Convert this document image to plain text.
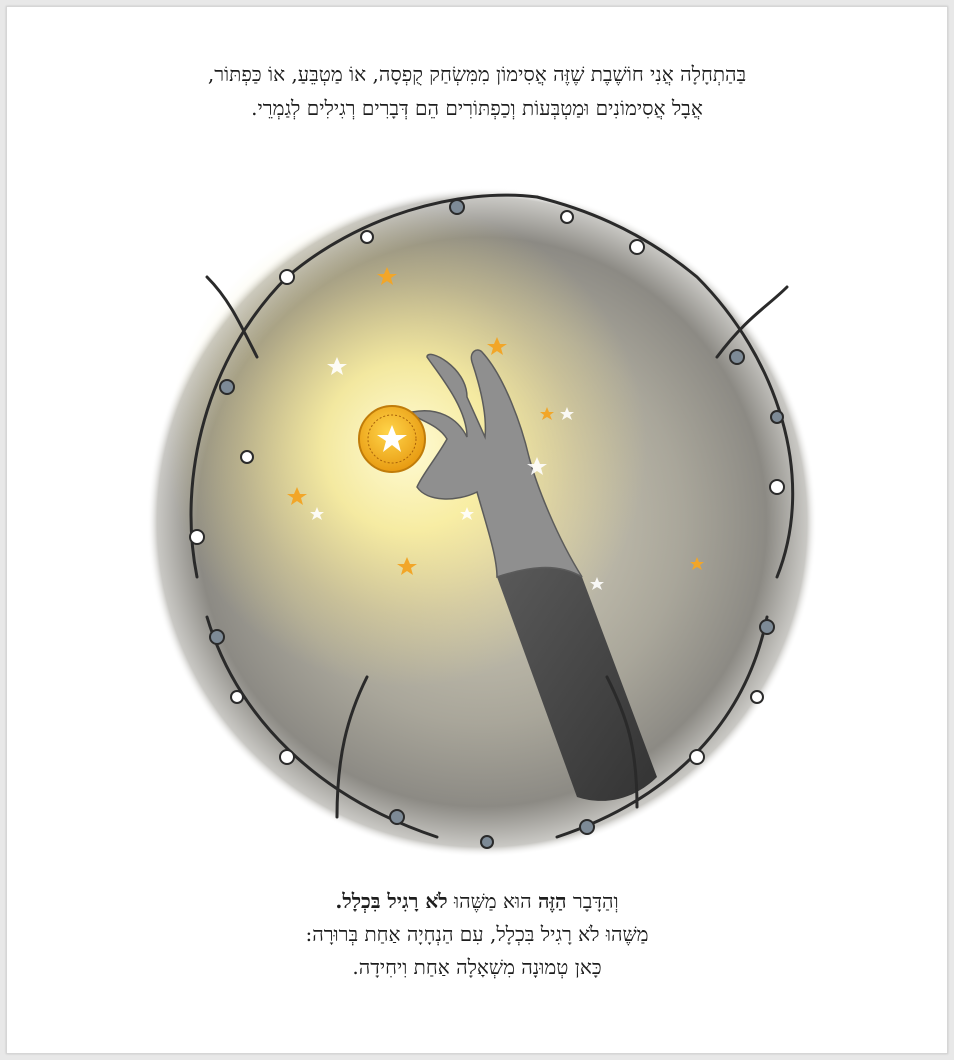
בַּהַתְחָלָה אֲנִי חוֹשֶׁבֶת שֶׁזֶּה אֲסִימוֹן מִמִּשְׂחַק קֻפְסָה, אוֹ מַטְבֵּעַ, אוֹ כַּפְתּוֹר,
אֲבָל אֲסִימוֹנִים וּמַטְבְּעוֹת וְכַפְתּוֹרִים הֵם דְּבָרִים רְגִילִים לְגַמְרֵי.
וְהַדָּבָר הַזֶּה הוּא מַשֶּׁהוּ לֹא רָגִיל בִּכְלָל.
מַשֶּׁהוּ לֹא רָגִיל בִּכְלָל, עִם הַנְחָיָה אַחַת בְּרוּרָה:
כָּאן טְמוּנָה מִשְׁאָלָה אַחַת וִיחִידָה.
